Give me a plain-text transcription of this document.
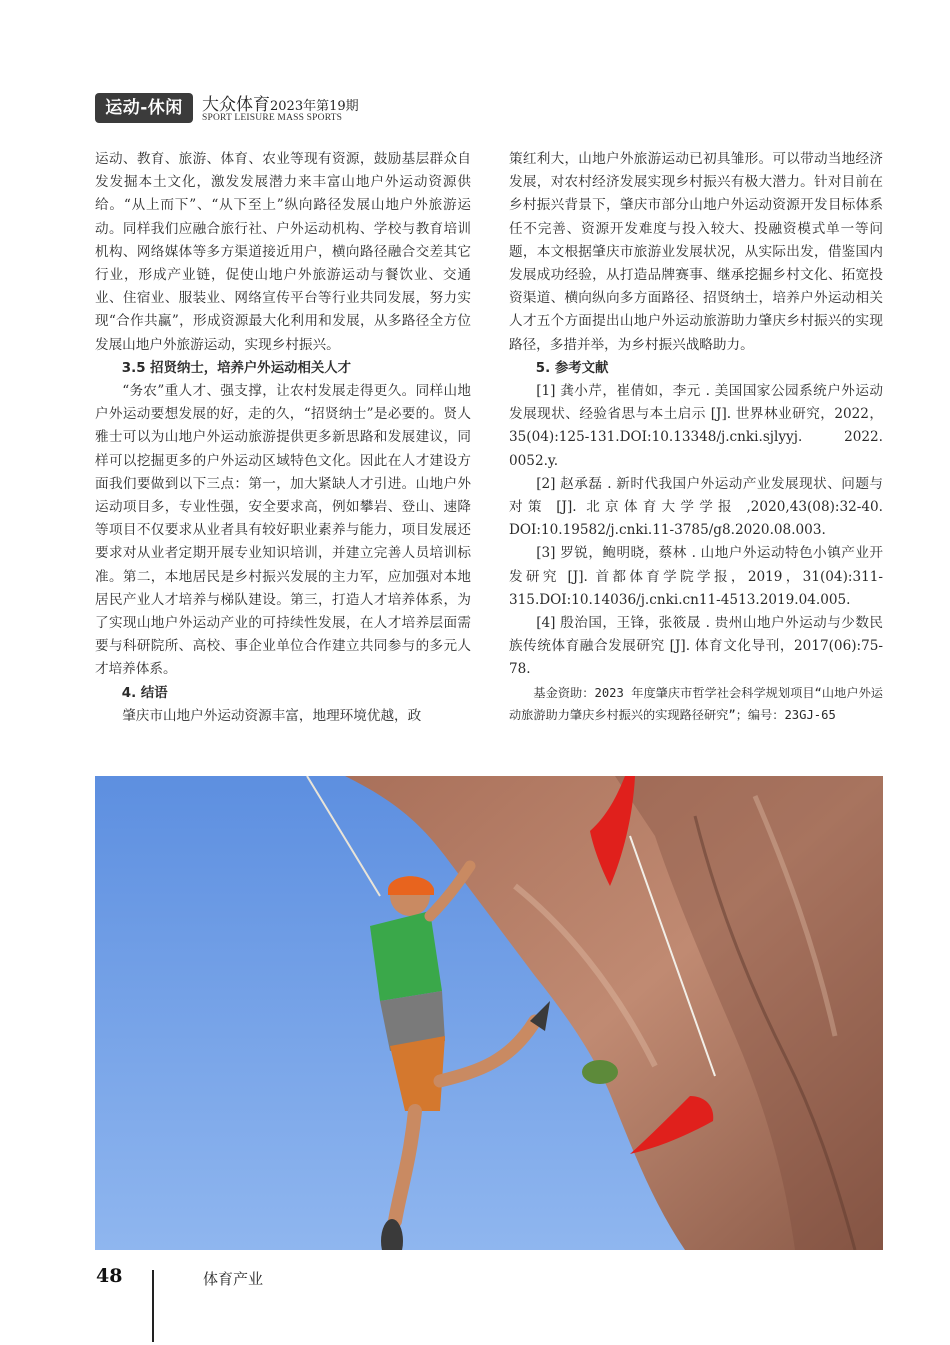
运动-休闲	大众体育2023年第19期
SPORT LEISURE MASS SPORTS

运动、教育、旅游、体育、农业等现有资源，鼓励基层群众自发发掘本土文化，激发发展潜力来丰富山地户外运动资源供给。“从上而下”、“从下至上”纵向路径发展山地户外旅游运动。同样我们应融合旅行社、户外运动机构、学校与教育培训机构、网络媒体等多方渠道接近用户，横向路径融合交差其它行业，形成产业链，促使山地户外旅游运动与餐饮业、交通业、住宿业、服装业、网络宣传平台等行业共同发展，努力实现“合作共赢”，形成资源最大化利用和发展，从多路径全方位发展山地户外旅游运动，实现乡村振兴。

3.5 招贤纳士，培养户外运动相关人才

“务农”重人才、强支撑，让农村发展走得更久。同样山地户外运动要想发展的好，走的久，“招贤纳士”是必要的。贤人雅士可以为山地户外运动旅游提供更多新思路和发展建议，同样可以挖掘更多的户外运动区域特色文化。因此在人才建设方面我们要做到以下三点：第一，加大紧缺人才引进。山地户外运动项目多，专业性强，安全要求高，例如攀岩、登山、速降等项目不仅要求从业者具有较好职业素养与能力，项目发展还要求对从业者定期开展专业知识培训，并建立完善人员培训标准。第二，本地居民是乡村振兴发展的主力军，应加强对本地居民产业人才培养与梯队建设。第三，打造人才培养体系，为了实现山地户外运动产业的可持续性发展，在人才培养层面需要与科研院所、高校、事企业单位合作建立共同参与的多元人才培养体系。

4. 结语

肇庆市山地户外运动资源丰富，地理环境优越，政

策红利大，山地户外旅游运动已初具雏形。可以带动当地经济发展，对农村经济发展实现乡村振兴有极大潜力。针对目前在乡村振兴背景下，肇庆市部分山地户外运动资源开发目标体系任不完善、资源开发难度与投入较大、投融资模式单一等问题，本文根据肇庆市旅游业发展状况，从实际出发，借鉴国内发展成功经验，从打造品牌赛事、继承挖掘乡村文化、拓宽投资渠道、横向纵向多方面路径、招贤纳士，培养户外运动相关人才五个方面提出山地户外运动旅游助力肇庆乡村振兴的实现路径，多措并举，为乡村振兴战略助力。

5. 参考文献

[1] 龚小芹，崔倩如，李元 . 美国国家公园系统户外运动发展现状、经验省思与本土启示 [J]. 世界林业研究，2022，35(04):125-131.DOI:10.13348/j.cnki.sjlyyj. 2022. 0052.y.

[2] 赵承磊 . 新时代我国户外运动产业发展现状、问题与对策 [J]. 北京体育大学学报 ,2020,43(08):32-40. DOI:10.19582/j.cnki.11-3785/g8.2020.08.003.

[3] 罗锐，鲍明晓，蔡林 . 山地户外运动特色小镇产业开发研究 [J]. 首都体育学院学报，2019，31(04):311-315.DOI:10.14036/j.cnki.cn11-4513.2019.04.005.

[4] 殷治国，王锋，张筱晟 . 贵州山地户外运动与少数民族传统体育融合发展研究 [J]. 体育文化导刊，2017(06):75-78.

基金资助：2023 年度肇庆市哲学社会科学规划项目“山地户外运动旅游助力肇庆乡村振兴的实现路径研究”；编号：23GJ-65

48	体育产业
